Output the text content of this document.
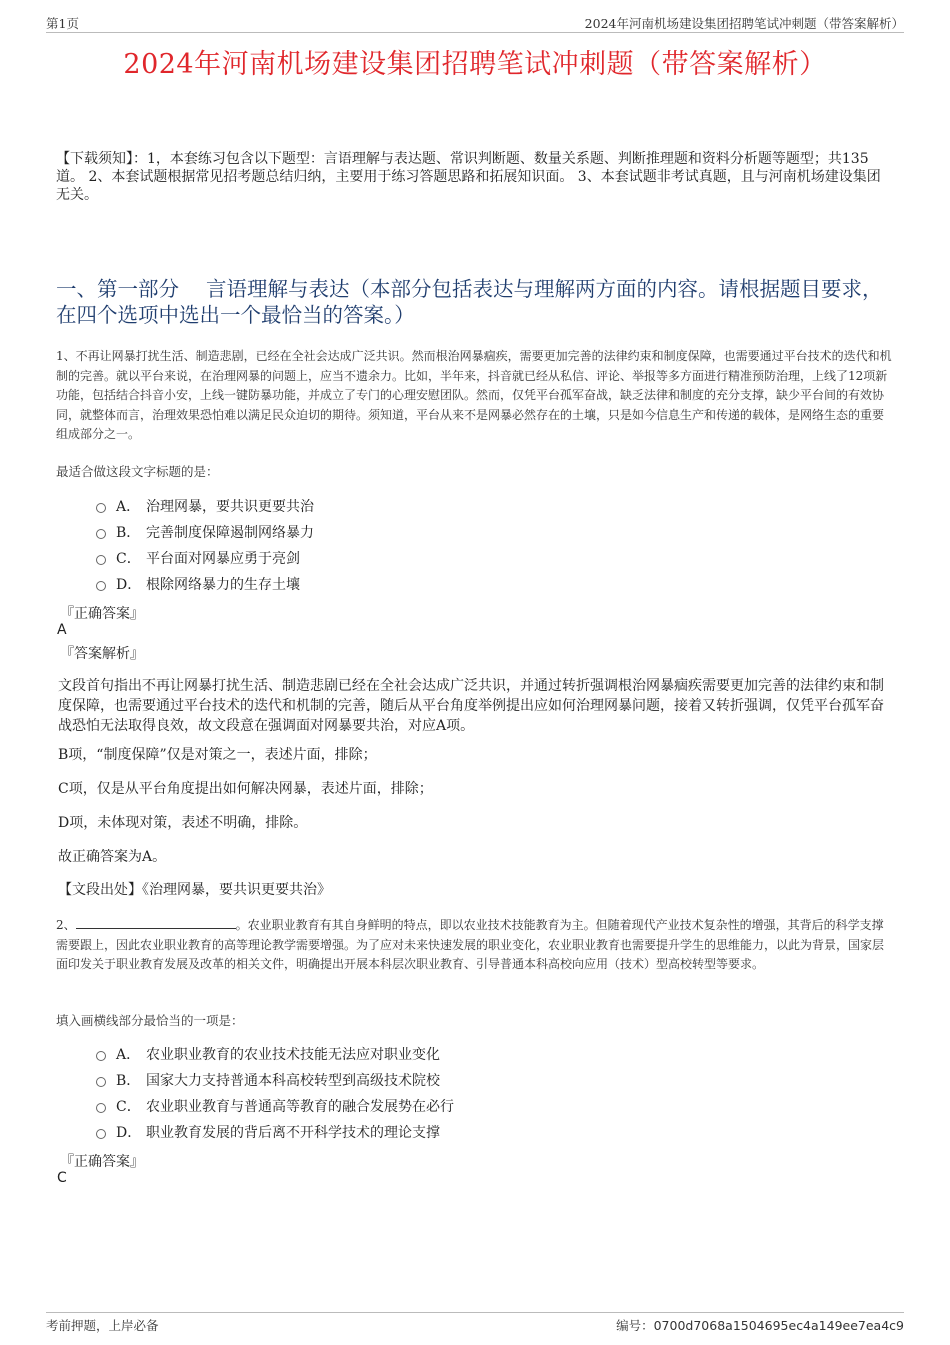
第1页	2024年河南机场建设集团招聘笔试冲刺题（带答案解析）
2024年河南机场建设集团招聘笔试冲刺题（带答案解析）
【下载须知】：1，本套练习包含以下题型：言语理解与表达题、常识判断题、数量关系题、判断推理题和资料分析题等题型；共135道。 2、本套试题根据常见招考题总结归纳，主要用于练习答题思路和拓展知识面。 3、本套试题非考试真题，且与河南机场建设集团无关。
一、第一部分　 言语理解与表达（本部分包括表达与理解两方面的内容。请根据题目要求，在四个选项中选出一个最恰当的答案。）
1、不再让网暴打扰生活、制造悲剧，已经在全社会达成广泛共识。然而根治网暴痼疾，需要更加完善的法律约束和制度保障，也需要通过平台技术的迭代和机制的完善。就以平台来说，在治理网暴的问题上，应当不遗余力。比如，半年来，抖音就已经从私信、评论、举报等多方面进行精准预防治理，上线了12项新功能，包括结合抖音小安，上线一键防暴功能，并成立了专门的心理安慰团队。然而，仅凭平台孤军奋战，缺乏法律和制度的充分支撑，缺少平台间的有效协同，就整体而言，治理效果恐怕难以满足民众迫切的期待。须知道，平台从来不是网暴必然存在的土壤，只是如今信息生产和传递的载体，是网络生态的重要组成部分之一。
最适合做这段文字标题的是：
A． 治理网暴，要共识更要共治
B． 完善制度保障遏制网络暴力
C． 平台面对网暴应勇于亮剑
D． 根除网络暴力的生存土壤
『正确答案』
A
『答案解析』
文段首句指出不再让网暴打扰生活、制造悲剧已经在全社会达成广泛共识，并通过转折强调根治网暴痼疾需要更加完善的法律约束和制度保障，也需要通过平台技术的迭代和机制的完善，随后从平台角度举例提出应如何治理网暴问题，接着又转折强调，仅凭平台孤军奋战恐怕无法取得良效，故文段意在强调面对网暴要共治，对应A项。
B项，“制度保障”仅是对策之一，表述片面，排除；
C项，仅是从平台角度提出如何解决网暴，表述片面，排除；
D项，未体现对策，表述不明确，排除。
故正确答案为A。
【文段出处】《治理网暴，要共识更要共治》
2、	。农业职业教育有其自身鲜明的特点，即以农业技术技能教育为主。但随着现代产业技术复杂性的增强，其背后的科学支撑需要跟上，因此农业职业教育的高等理论教学需要增强。为了应对未来快速发展的职业变化，农业职业教育也需要提升学生的思维能力，以此为背景，国家层面印发关于职业教育发展及改革的相关文件，明确提出开展本科层次职业教育、引导普通本科高校向应用（技术）型高校转型等要求。
填入画横线部分最恰当的一项是：
A． 农业职业教育的农业技术技能无法应对职业变化
B． 国家大力支持普通本科高校转型到高级技术院校
C． 农业职业教育与普通高等教育的融合发展势在必行
D． 职业教育发展的背后离不开科学技术的理论支撑
『正确答案』
C
考前押题，上岸必备	编号：0700d7068a1504695ec4a149ee7ea4c9
